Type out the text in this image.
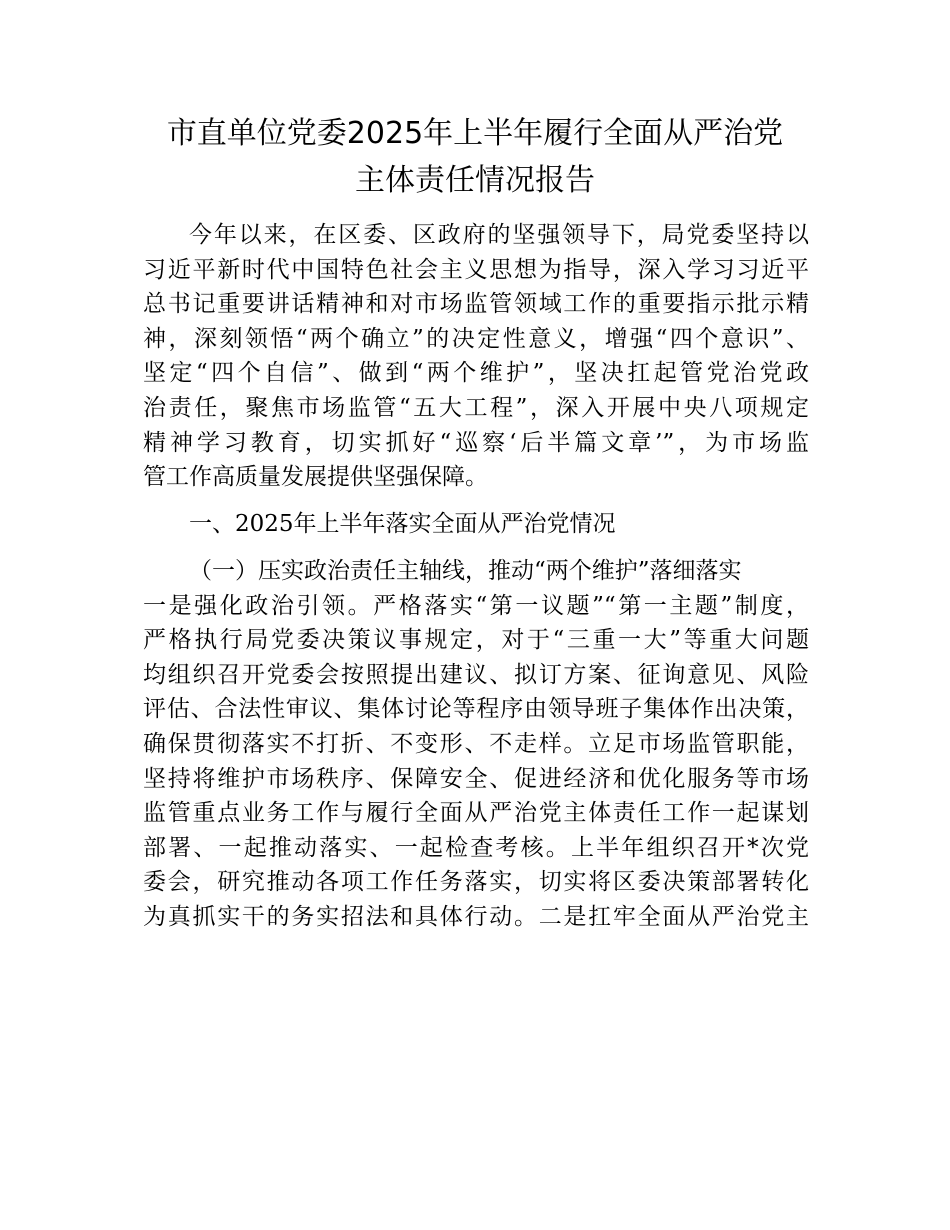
市直单位党委2025年上半年履行全面从严治党
主体责任情况报告
今年以来，在区委、区政府的坚强领导下，局党委坚持以
习近平新时代中国特色社会主义思想为指导，深入学习习近平
总书记重要讲话精神和对市场监管领域工作的重要指示批示精
神，深刻领悟“两个确立”的决定性意义，增强“四个意识”、
坚定“四个自信”、做到“两个维护”，坚决扛起管党治党政
治责任，聚焦市场监管“五大工程”，深入开展中央八项规定
精神学习教育，切实抓好“巡察‘后半篇文章’”，为市场监
管工作高质量发展提供坚强保障。
一、2025年上半年落实全面从严治党情况
（一）压实政治责任主轴线，推动“两个维护”落细落实
一是强化政治引领。严格落实“第一议题”“第一主题”制度，
严格执行局党委决策议事规定，对于“三重一大”等重大问题
均组织召开党委会按照提出建议、拟订方案、征询意见、风险
评估、合法性审议、集体讨论等程序由领导班子集体作出决策，
确保贯彻落实不打折、不变形、不走样。立足市场监管职能，
坚持将维护市场秩序、保障安全、促进经济和优化服务等市场
监管重点业务工作与履行全面从严治党主体责任工作一起谋划
部署、一起推动落实、一起检查考核。上半年组织召开*次党
委会，研究推动各项工作任务落实，切实将区委决策部署转化
为真抓实干的务实招法和具体行动。二是扛牢全面从严治党主
